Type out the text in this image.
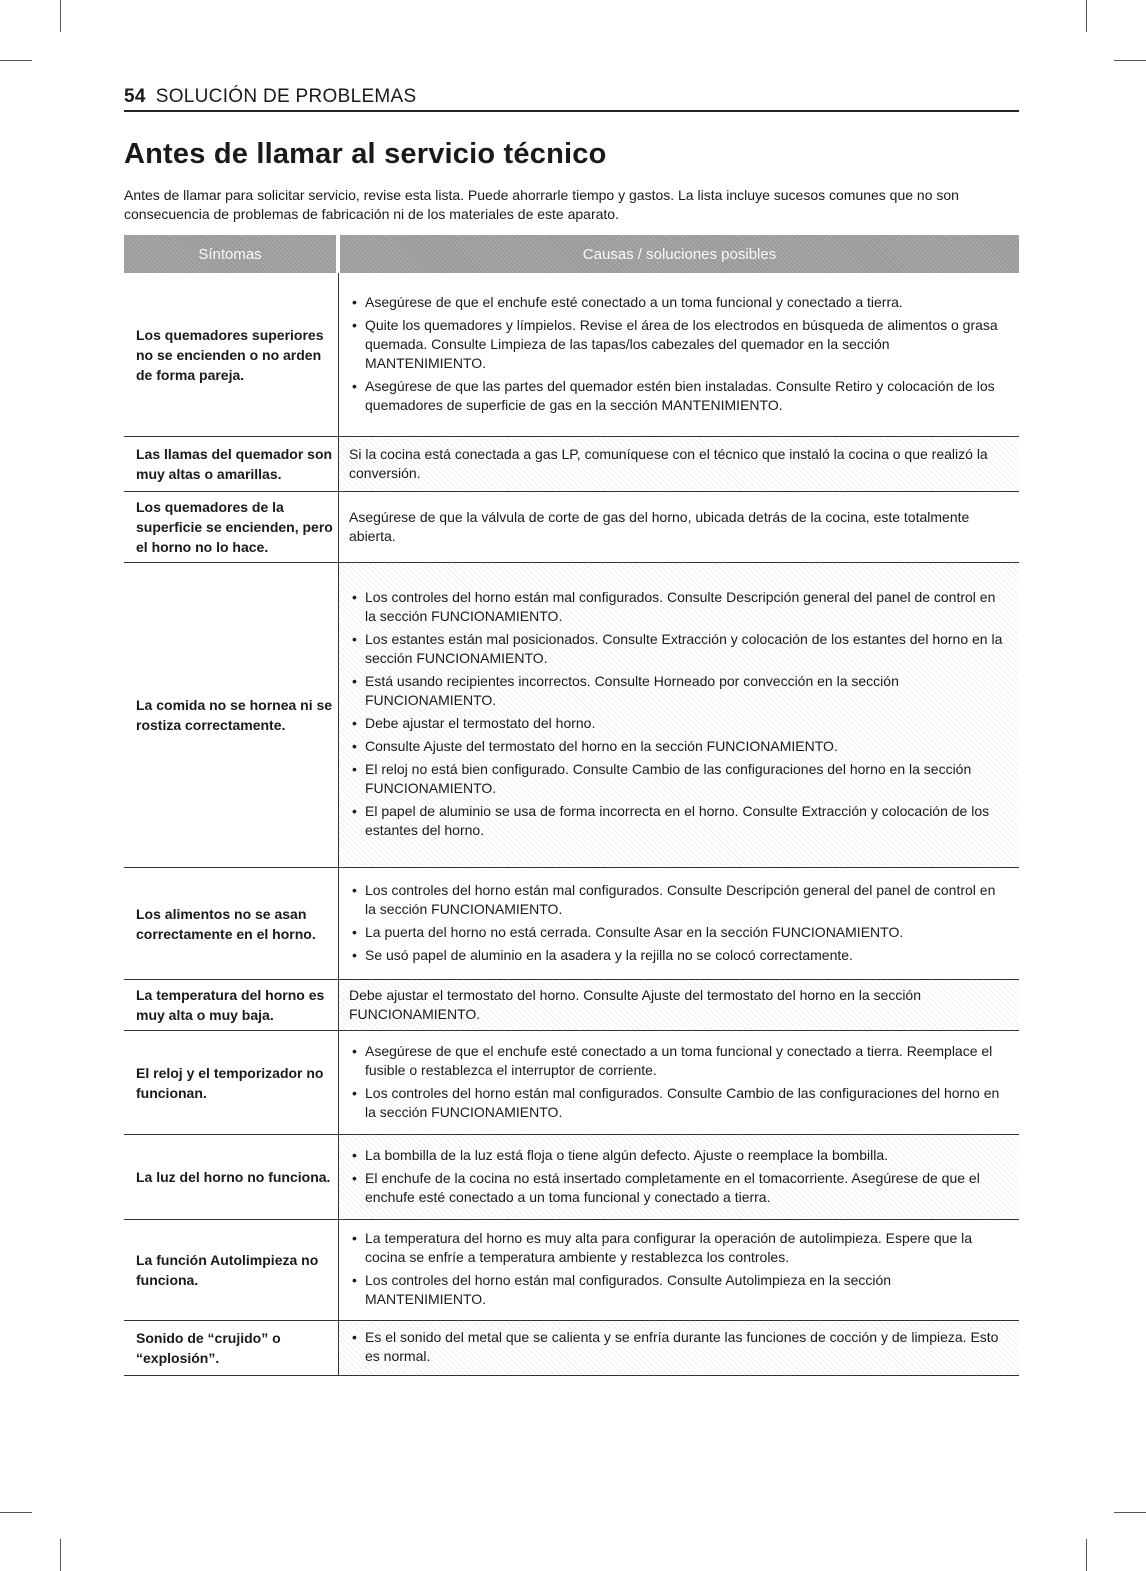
54 SOLUCIÓN DE PROBLEMAS
Antes de llamar al servicio técnico

Antes de llamar para solicitar servicio, revise esta lista. Puede ahorrarle tiempo y gastos. La lista incluye sucesos comunes que no son consecuencia de problemas de fabricación ni de los materiales de este aparato.

Síntomas	Causas / soluciones posibles
Los quemadores superiores no se encienden o no arden de forma pareja.
• Asegúrese de que el enchufe esté conectado a un toma funcional y conectado a tierra.
• Quite los quemadores y límpielos. Revise el área de los electrodos en búsqueda de alimentos o grasa quemada. Consulte Limpieza de las tapas/los cabezales del quemador en la sección MANTENIMIENTO.
• Asegúrese de que las partes del quemador estén bien instaladas. Consulte Retiro y colocación de los quemadores de superficie de gas en la sección MANTENIMIENTO.
Las llamas del quemador son muy altas o amarillas.

Si la cocina está conectada a gas LP, comuníquese con el técnico que instaló la cocina o que realizó la conversión.

Los quemadores de la superficie se encienden, pero el horno no lo hace.

Asegúrese de que la válvula de corte de gas del horno, ubicada detrás de la cocina, este totalmente abierta.

La comida no se hornea ni se rostiza correctamente.
• Los controles del horno están mal configurados. Consulte Descripción general del panel de control en la sección FUNCIONAMIENTO.
• Los estantes están mal posicionados. Consulte Extracción y colocación de los estantes del horno en la sección FUNCIONAMIENTO.
• Está usando recipientes incorrectos. Consulte Horneado por convección en la sección FUNCIONAMIENTO.
• Debe ajustar el termostato del horno.
• Consulte Ajuste del termostato del horno en la sección FUNCIONAMIENTO.
• El reloj no está bien configurado. Consulte Cambio de las configuraciones del horno en la sección FUNCIONAMIENTO.
• El papel de aluminio se usa de forma incorrecta en el horno. Consulte Extracción y colocación de los estantes del horno.
Los alimentos no se asan correctamente en el horno.
• Los controles del horno están mal configurados. Consulte Descripción general del panel de control en la sección FUNCIONAMIENTO.
• La puerta del horno no está cerrada. Consulte Asar en la sección FUNCIONAMIENTO.
• Se usó papel de aluminio en la asadera y la rejilla no se colocó correctamente.
La temperatura del horno es muy alta o muy baja.

Debe ajustar el termostato del horno. Consulte Ajuste del termostato del horno en la sección FUNCIONAMIENTO.

El reloj y el temporizador no funcionan.
• Asegúrese de que el enchufe esté conectado a un toma funcional y conectado a tierra. Reemplace el fusible o restablezca el interruptor de corriente.
• Los controles del horno están mal configurados. Consulte Cambio de las configuraciones del horno en la sección FUNCIONAMIENTO.
La luz del horno no funciona.
• La bombilla de la luz está floja o tiene algún defecto. Ajuste o reemplace la bombilla.
• El enchufe de la cocina no está insertado completamente en el tomacorriente. Asegúrese de que el enchufe esté conectado a un toma funcional y conectado a tierra.
La función Autolimpieza no funciona.
• La temperatura del horno es muy alta para configurar la operación de autolimpieza. Espere que la cocina se enfríe a temperatura ambiente y restablezca los controles.
• Los controles del horno están mal configurados. Consulte Autolimpieza en la sección MANTENIMIENTO.
Sonido de “crujido” o “explosión”.
• Es el sonido del metal que se calienta y se enfría durante las funciones de cocción y de limpieza. Esto es normal.
